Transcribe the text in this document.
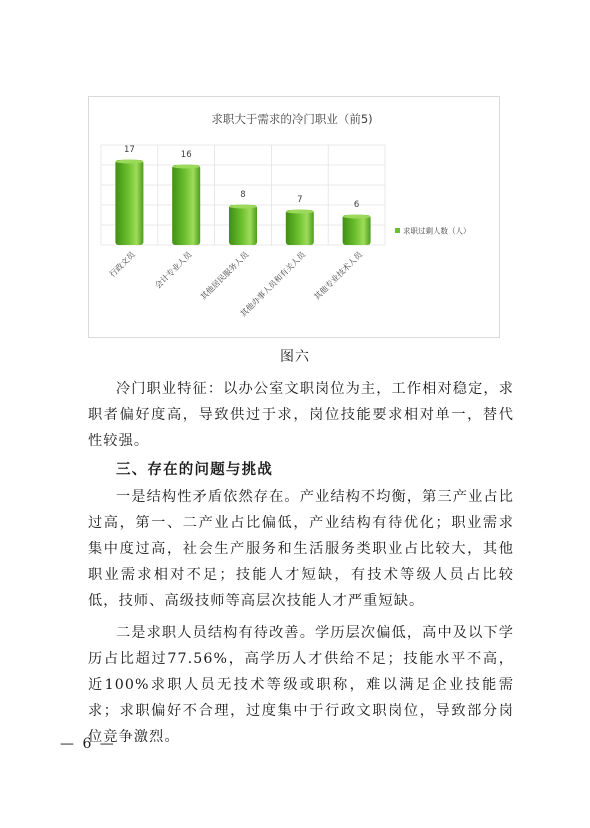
求职大于需求的冷门职业（前5)
17	16
8	7	6
行政文员 会计专业人员 其他居民服务人员
其他办事人员和有关人员 其他专业技术人员
求职过剩人数（人）
图六

冷门职业特征：以办公室文职岗位为主，工作相对稳定，求职者偏好度高，导致供过于求，岗位技能要求相对单一，替代性较强。

三、存在的问题与挑战

一是结构性矛盾依然存在。产业结构不均衡，第三产业占比过高，第一、二产业占比偏低，产业结构有待优化；职业需求集中度过高，社会生产服务和生活服务类职业占比较大，其他职业需求相对不足；技能人才短缺，有技术等级人员占比较低，技师、高级技师等高层次技能人才严重短缺。

二是求职人员结构有待改善。学历层次偏低，高中及以下学历占比超过77.56%，高学历人才供给不足；技能水平不高，近100%求职人员无技术等级或职称，难以满足企业技能需求；求职偏好不合理，过度集中于行政文职岗位，导致部分岗位竞争激烈。

— 6 —
